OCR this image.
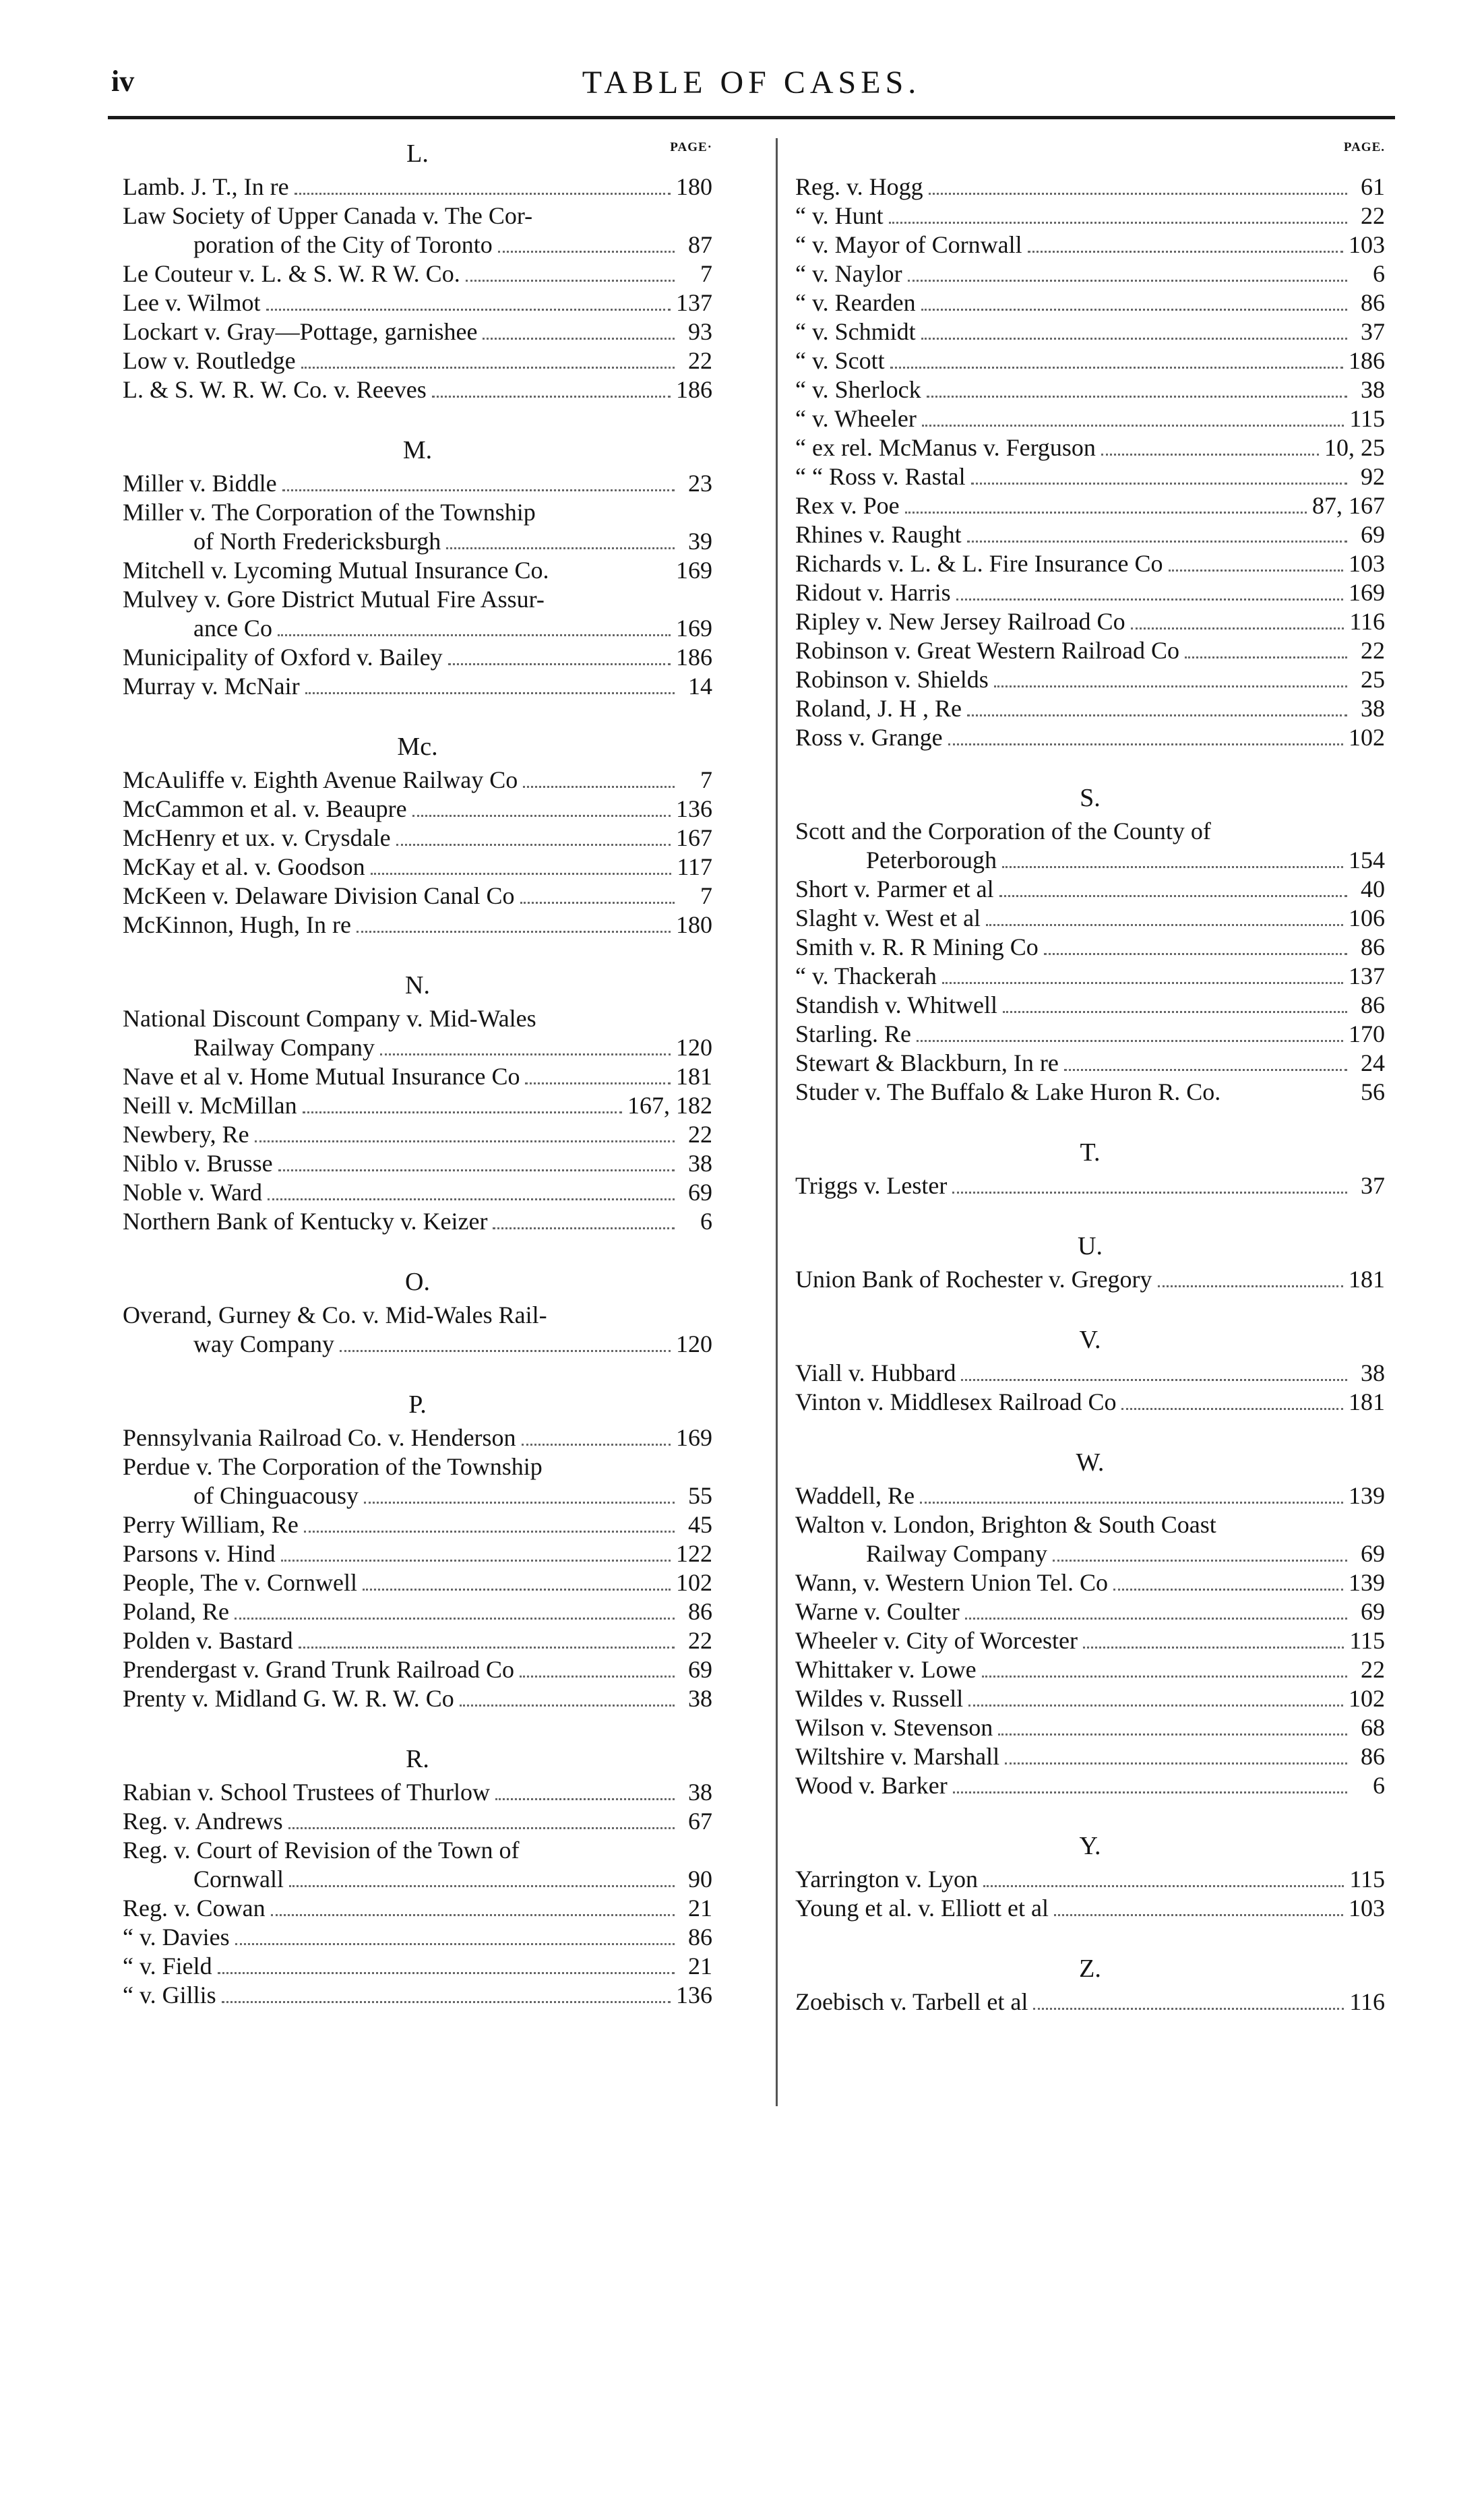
iv	TABLE OF CASES.
L.	PAGE·
Lamb. J. T., In re	180
Law Society of Upper Canada v. The Cor-
poration of the City of Toronto	87
Le Couteur v. L. & S. W. R W. Co.	7
Lee v. Wilmot	137
Lockart v. Gray—Pottage, garnishee	93
Low v. Routledge	22
L. & S. W. R. W. Co. v. Reeves	186
M.
Miller v. Biddle	23
Miller v. The Corporation of the Township
of North Fredericksburgh	39
Mitchell v. Lycoming Mutual Insurance Co.	169
Mulvey v. Gore District Mutual Fire Assur-
ance Co	169
Municipality of Oxford v. Bailey	186
Murray v. McNair	14
Mc.
McAuliffe v. Eighth Avenue Railway Co	7
McCammon et al. v. Beaupre	136
McHenry et ux. v. Crysdale	167
McKay et al. v. Goodson	117
McKeen v. Delaware Division Canal Co	7
McKinnon, Hugh, In re	180
N.
National Discount Company v. Mid-Wales
Railway Company	120
Nave et al v. Home Mutual Insurance Co	181
Neill v. McMillan	167, 182
Newbery, Re	22
Niblo v. Brusse	38
Noble v. Ward	69
Northern Bank of Kentucky v. Keizer	6
O.
Overand, Gurney & Co. v. Mid-Wales Rail-
way Company	120
P.
Pennsylvania Railroad Co. v. Henderson	169
Perdue v. The Corporation of the Township
of Chinguacousy	55
Perry William, Re	45
Parsons v. Hind	122
People, The v. Cornwell	102
Poland, Re	86
Polden v. Bastard	22
Prendergast v. Grand Trunk Railroad Co	69
Prenty v. Midland G. W. R. W. Co	38
R.
Rabian v. School Trustees of Thurlow	38
Reg. v. Andrews	67
Reg. v. Court of Revision of the Town of
Cornwall	90
Reg. v. Cowan	21
“ v. Davies	86
“ v. Field	21
“ v. Gillis	136
PAGE.
Reg. v. Hogg	61
“ v. Hunt	22
“ v. Mayor of Cornwall	103
“ v. Naylor	6
“ v. Rearden	86
“ v. Schmidt	37
“ v. Scott	186
“ v. Sherlock	38
“ v. Wheeler	115
“ ex rel. McManus v. Ferguson	10, 25
“ “ Ross v. Rastal	92
Rex v. Poe	87, 167
Rhines v. Raught	69
Richards v. L. & L. Fire Insurance Co	103
Ridout v. Harris	169
Ripley v. New Jersey Railroad Co	116
Robinson v. Great Western Railroad Co	22
Robinson v. Shields	25
Roland, J. H , Re	38
Ross v. Grange	102
S.
Scott and the Corporation of the County of
Peterborough	154
Short v. Parmer et al	40
Slaght v. West et al	106
Smith v. R. R Mining Co	86
“ v. Thackerah	137
Standish v. Whitwell	86
Starling. Re	170
Stewart & Blackburn, In re	24
Studer v. The Buffalo & Lake Huron R. Co.	56
T.
Triggs v. Lester	37
U.
Union Bank of Rochester v. Gregory	181
V.
Viall v. Hubbard	38
Vinton v. Middlesex Railroad Co	181
W.
Waddell, Re	139
Walton v. London, Brighton & South Coast
Railway Company	69
Wann, v. Western Union Tel. Co	139
Warne v. Coulter	69
Wheeler v. City of Worcester	115
Whittaker v. Lowe	22
Wildes v. Russell	102
Wilson v. Stevenson	68
Wiltshire v. Marshall	86
Wood v. Barker	6
Y.
Yarrington v. Lyon	115
Young et al. v. Elliott et al	103
Z.
Zoebisch v. Tarbell et al	116
